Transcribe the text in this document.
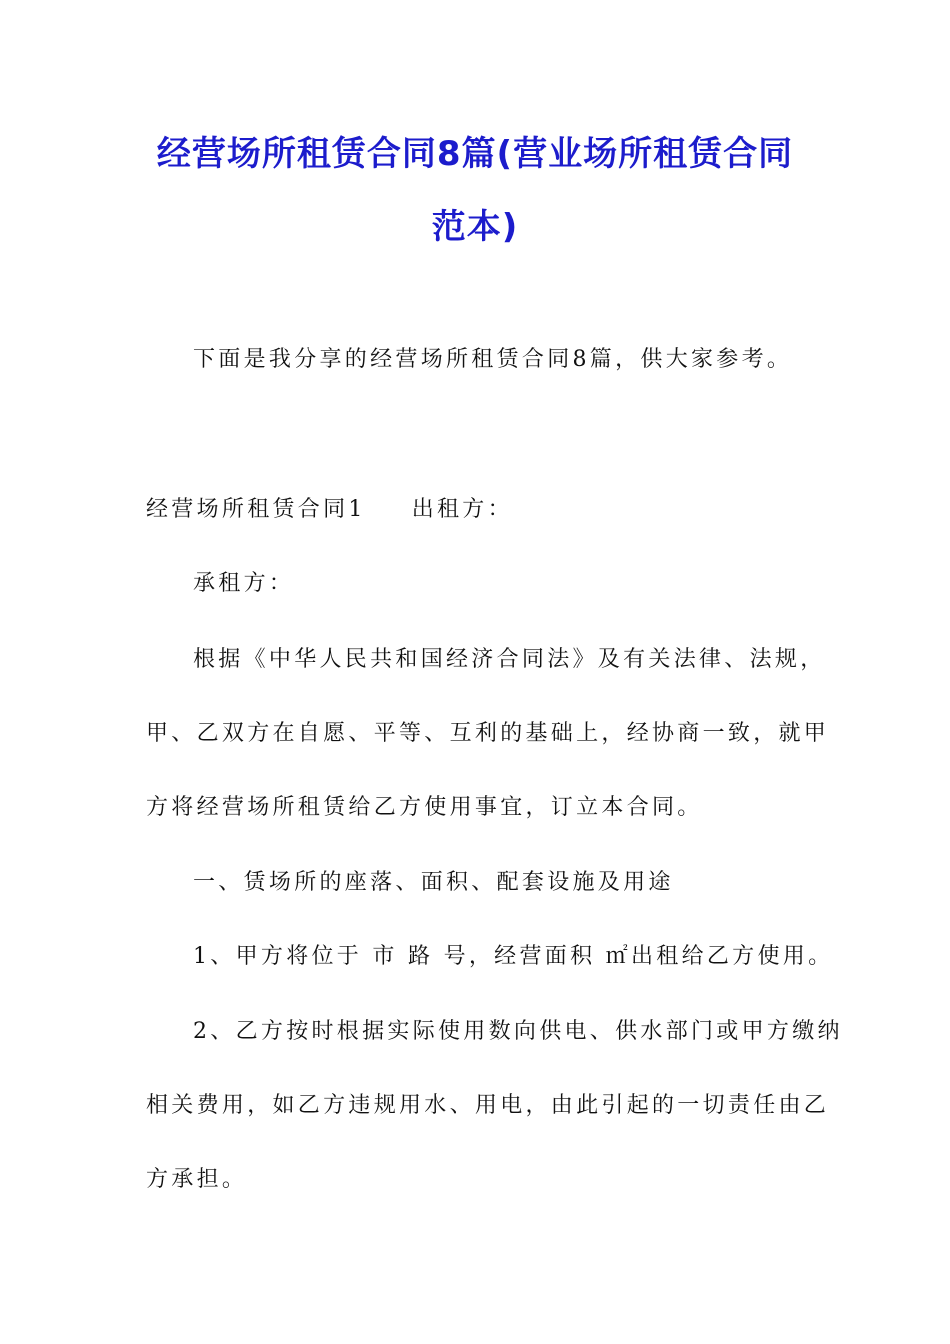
经营场所租赁合同8篇(营业场所租赁合同
范本)
下面是我分享的经营场所租赁合同8篇，供大家参考。
经营场所租赁合同1 出租方：
承租方：
根据《中华人民共和国经济合同法》及有关法律、法规，
甲、乙双方在自愿、平等、互利的基础上，经协商一致，就甲
方将经营场所租赁给乙方使用事宜，订立本合同。
一、赁场所的座落、面积、配套设施及用途
1、甲方将位于 市 路 号，经营面积 ㎡出租给乙方使用。
2、乙方按时根据实际使用数向供电、供水部门或甲方缴纳
相关费用，如乙方违规用水、用电，由此引起的一切责任由乙
方承担。
